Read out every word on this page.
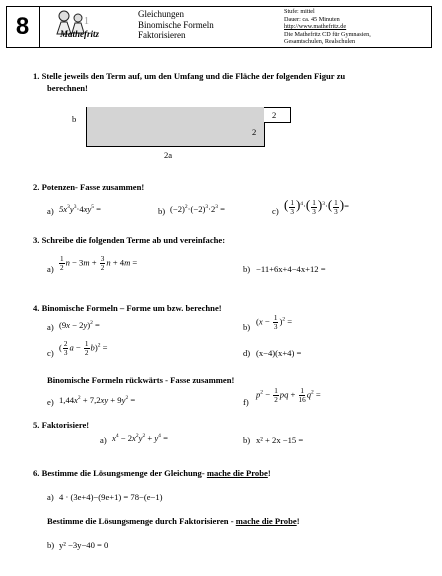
8	1
Mathefritz
Gleichungen
Binomische Formeln
Faktorisieren
Stufe: mittel
Dauer: ca. 45 Minuten
http://www.mathefritz.de
Die Mathefritz CD für Gymnasien,
Gesamtschulen, Realschulen
1. Stelle jeweils den Term auf, um den Umfang und die Fläche der folgenden Figur zu
berechnen!
b
2a
2
2
2. Potenzen- Fasse zusammen!
a) $5x^3y^3\cdot 4xy^5$ =	b) $(-2)^2\cdot(-2)^3\cdot 2^3$ =	c) ( $\frac{1}{3} )^4\cdot( \frac{1}{3} )^3\cdot( \frac{1}{3}$ )=
3. Schreibe die folgenden Terme ab und vereinfache:
$a) \frac{1}{2}$ $n - 3m + \frac{3}{2}$ n + 4m =
b) −11+6x+4−4x+12 =
4. Binomische Formeln – Forme um bzw. berechne!
a) $(9x - 2y)^2$ =	b)
$(x - \frac{1}{3} )^2$ =
c)
( $\frac{2}{3}$ $a - \frac{1}{2} b)^2$ =
d) (x−4)(x+4) =
Binomische Formeln rückwärts - Fasse zusammen!
e) $1,44x^2 + 7,2xy + 9y^2$ =	f)
$p^2 - \frac{1}{2}$ pq + $\frac{1}{16} q^2$ =
5. Faktorisiere!
a) $x^4 - 2x^2y^2 + y^4$ =	b) x² + 2x −15 =
6. Bestimme die Lösungsmenge der Gleichung- mache die Probe!
a) 4 · (3e+4)−(9e+1) = 78−(e−1)
Bestimme die Lösungsmenge durch Faktorisieren - mache die Probe!
b) y² −3y−40 = 0
